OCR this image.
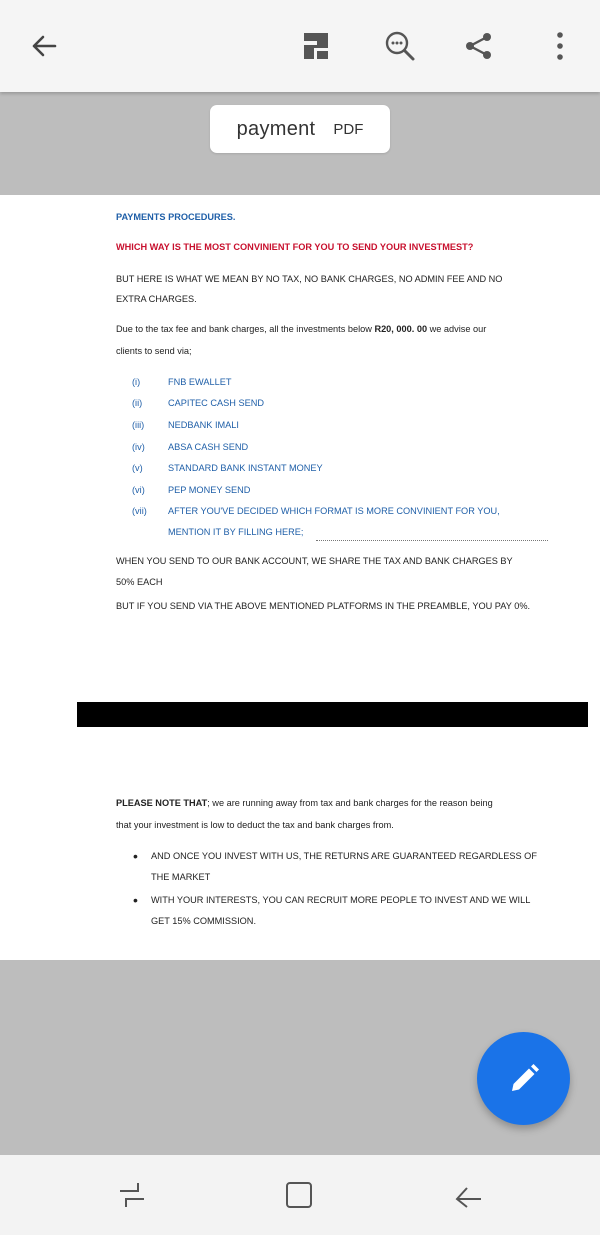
payment PDF
PAYMENTS PROCEDURES.
WHICH WAY IS THE MOST CONVINIENT FOR YOU TO SEND YOUR INVESTMEST?
BUT HERE IS WHAT WE MEAN BY NO TAX, NO BANK CHARGES, NO ADMIN FEE AND NO
EXTRA CHARGES.
Due to the tax fee and bank charges, all the investments below R20, 000. 00 we advise our
clients to send via;
(i)	FNB EWALLET
(ii)	CAPITEC CASH SEND
(iii)	NEDBANK IMALI
(iv)	ABSA CASH SEND
(v)	STANDARD BANK INSTANT MONEY
(vi)	PEP MONEY SEND
(vii) AFTER YOU'VE DECIDED WHICH FORMAT IS MORE CONVINIENT FOR YOU,
MENTION IT BY FILLING HERE;
WHEN YOU SEND TO OUR BANK ACCOUNT, WE SHARE THE TAX AND BANK CHARGES BY
50% EACH
BUT IF YOU SEND VIA THE ABOVE MENTIONED PLATFORMS IN THE PREAMBLE, YOU PAY 0%.
PLEASE NOTE THAT; we are running away from tax and bank charges for the reason being
that your investment is low to deduct the tax and bank charges from.
• AND ONCE YOU INVEST WITH US, THE RETURNS ARE GUARANTEED REGARDLESS OF
THE MARKET
• WITH YOUR INTERESTS, YOU CAN RECRUIT MORE PEOPLE TO INVEST AND WE WILL
GET 15% COMMISSION.
